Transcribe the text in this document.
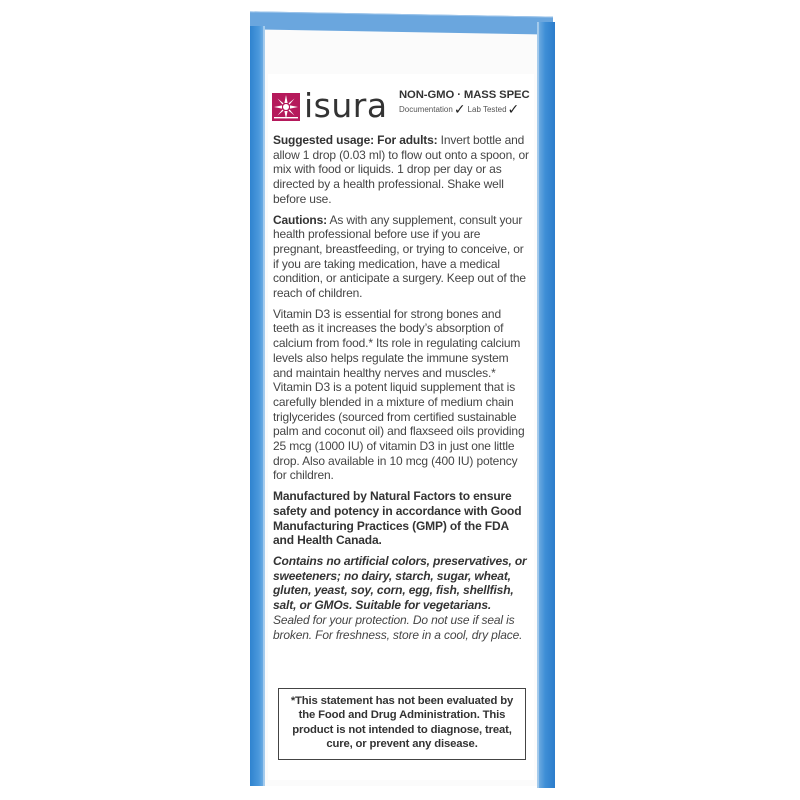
isura NON-GMO · MASS SPEC
Documentation ✓ Lab Tested ✓

Suggested usage: For adults: Invert bottle and allow 1 drop (0.03 ml) to flow out onto a spoon, or mix with food or liquids. 1 drop per day or as directed by a health professional. Shake well before use.

Cautions: As with any supplement, consult your health professional before use if you are pregnant, breastfeeding, or trying to conceive, or if you are taking medication, have a medical condition, or anticipate a surgery. Keep out of the reach of children.

Vitamin D3 is essential for strong bones and teeth as it increases the body’s absorption of calcium from food.* Its role in regulating calcium levels also helps regulate the immune system and maintain healthy nerves and muscles.* Vitamin D3 is a potent liquid supplement that is carefully blended in a mixture of medium chain triglycerides (sourced from certified sustainable palm and coconut oil) and flaxseed oils providing 25 mcg (1000 IU) of vitamin D3 in just one little drop. Also available in 10 mcg (400 IU) potency for children.

Manufactured by Natural Factors to ensure safety and potency in accordance with Good Manufacturing Practices (GMP) of the FDA and Health Canada.

Contains no artificial colors, preservatives, or sweeteners; no dairy, starch, sugar, wheat, gluten, yeast, soy, corn, egg, fish, shellfish, salt, or GMOs. Suitable for vegetarians. Sealed for your protection. Do not use if seal is broken. For freshness, store in a cool, dry place.

*This statement has not been evaluated by the Food and Drug Administration. This product is not intended to diagnose, treat, cure, or prevent any disease.
